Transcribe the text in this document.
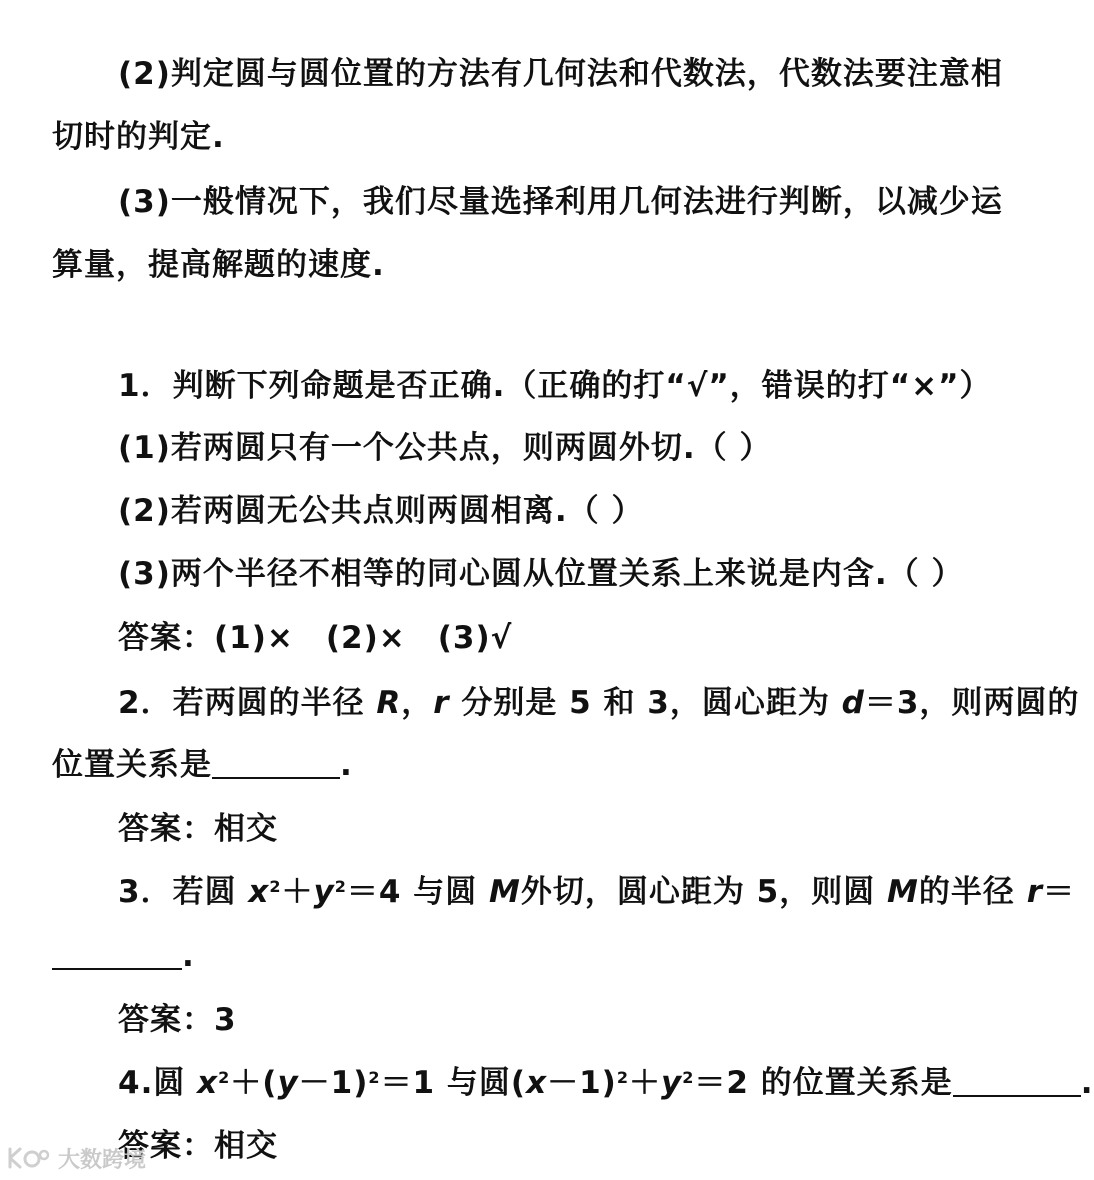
(2)判定圆与圆位置的方法有几何法和代数法，代数法要注意相
切时的判定.
(3)一般情况下，我们尽量选择利用几何法进行判断，以减少运
算量，提高解题的速度.
1．判断下列命题是否正确.（正确的打“√”，错误的打“×”）
(1)若两圆只有一个公共点，则两圆外切.（ ）
(2)若两圆无公共点则两圆相离.（ ）
(3)两个半径不相等的同心圆从位置关系上来说是内含.（ ）
答案：(1)×　(2)×　(3)√
2．若两圆的半径 R，r 分别是 5 和 3，圆心距为 d＝3，则两圆的
位置关系是	.
答案：相交
3．若圆 $x^2+y^2=4$ 与圆 M外切，圆心距为 5，则圆 M的半径 r＝
.
答案：3
4.圆 $x^2+(y-1)^2=1$ 与圆$(x-1)^2+y^2=2$ 的位置关系是	.
答案：相交
大数跨境
